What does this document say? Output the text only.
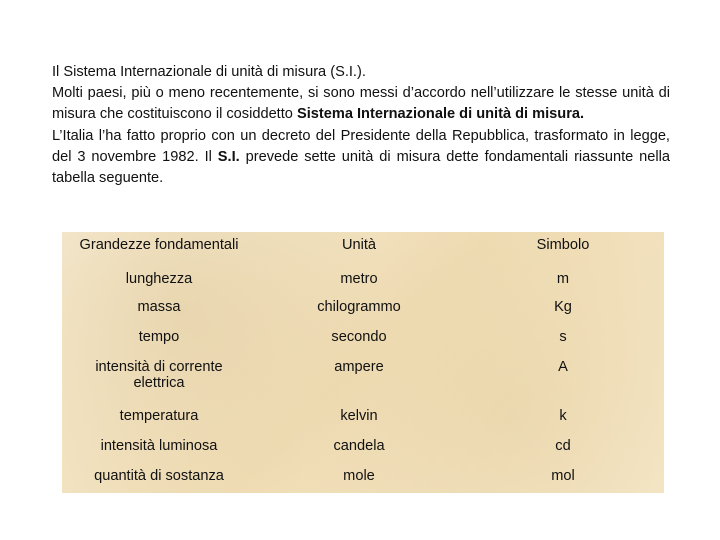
Il Sistema Internazionale di unità di misura (S.I.).

Molti paesi, più o meno recentemente, si sono messi d’accordo nell’utilizzare le stesse unità di misura che costituiscono il cosiddetto Sistema Internazionale di unità di misura.

L’Italia l’ha fatto proprio con un decreto del Presidente della Repubblica, trasformato in legge, del 3 novembre 1982. Il S.I. prevede sette unità di misura dette fondamentali riassunte nella tabella seguente.

Grandezze fondamentali	Unità	Simbolo
lunghezza	metro	m
massa	chilogrammo	Kg
tempo	secondo	s
intensità di corrente elettrica	ampere	A
temperatura	kelvin	k
intensità luminosa	candela	cd
quantità di sostanza	mole	mol
